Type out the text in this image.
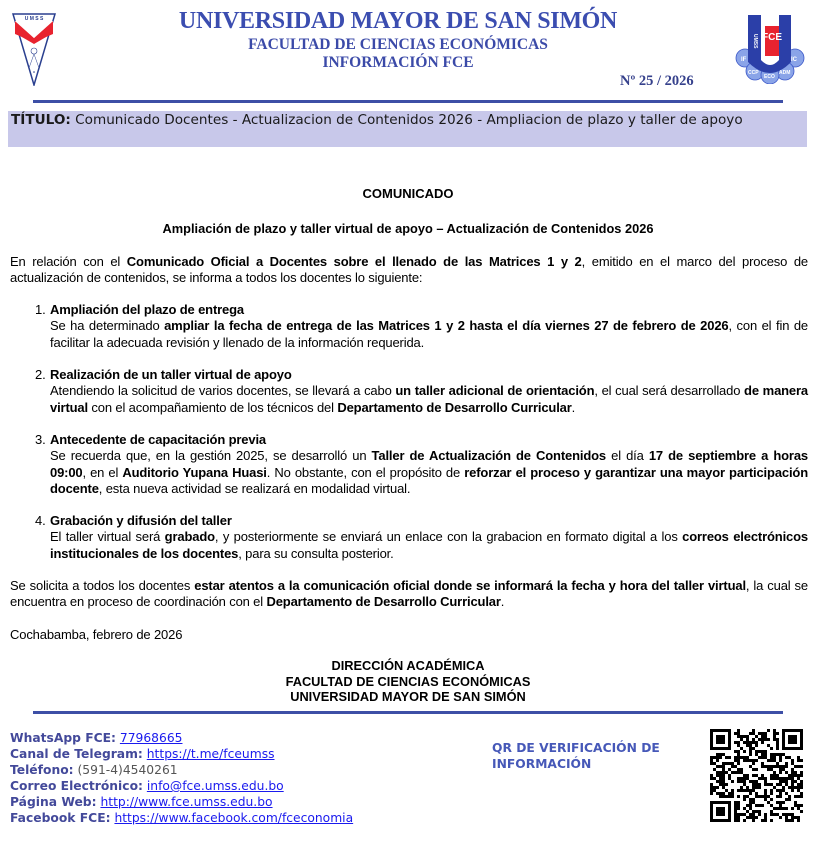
U M S S	UNIVERSIDAD MAYOR DE SAN SIMÓN
FACULTAD DE CIENCIAS ECONÓMICAS
INFORMACIÓN FCE
Nº 25 / 2026
FCE
UMSS
IF	IC
CCP	ADM
ECO
TÍTULO: Comunicado Docentes - Actualizacion de Contenidos 2026 - Ampliacion de plazo y taller de apoyo
COMUNICADO
Ampliación de plazo y taller virtual de apoyo – Actualización de Contenidos 2026
En relación con el Comunicado Oficial a Docentes sobre el llenado de las Matrices 1 y 2, emitido en el marco del proceso de actualización de contenidos, se informa a todos los docentes lo siguiente:
1. Ampliación del plazo de entrega
Se ha determinado ampliar la fecha de entrega de las Matrices 1 y 2 hasta el día viernes 27 de febrero de 2026, con el fin de facilitar la adecuada revisión y llenado de la información requerida.
2. Realización de un taller virtual de apoyo
Atendiendo la solicitud de varios docentes, se llevará a cabo un taller adicional de orientación, el cual será desarrollado de manera virtual con el acompañamiento de los técnicos del Departamento de Desarrollo Curricular.
3. Antecedente de capacitación previa
Se recuerda que, en la gestión 2025, se desarrolló un Taller de Actualización de Contenidos el día 17 de septiembre a horas 09:00, en el Auditorio Yupana Huasi. No obstante, con el propósito de reforzar el proceso y garantizar una mayor participación docente, esta nueva actividad se realizará en modalidad virtual.
4. Grabación y difusión del taller
El taller virtual será grabado, y posteriormente se enviará un enlace con la grabacion en formato digital a los correos electrónicos institucionales de los docentes, para su consulta posterior.
Se solicita a todos los docentes estar atentos a la comunicación oficial donde se informará la fecha y hora del taller virtual, la cual se encuentra en proceso de coordinación con el Departamento de Desarrollo Curricular.
Cochabamba, febrero de 2026
DIRECCIÓN ACADÉMICA
FACULTAD DE CIENCIAS ECONÓMICAS
UNIVERSIDAD MAYOR DE SAN SIMÓN
WhatsApp FCE: 77968665
Canal de Telegram: https://t.me/fceumss
Teléfono: (591-4)4540261
Correo Electrónico: info@fce.umss.edu.bo
Página Web: http://www.fce.umss.edu.bo
Facebook FCE: https://www.facebook.com/fceconomia
QR DE VERIFICACIÓN DE INFORMACIÓN
